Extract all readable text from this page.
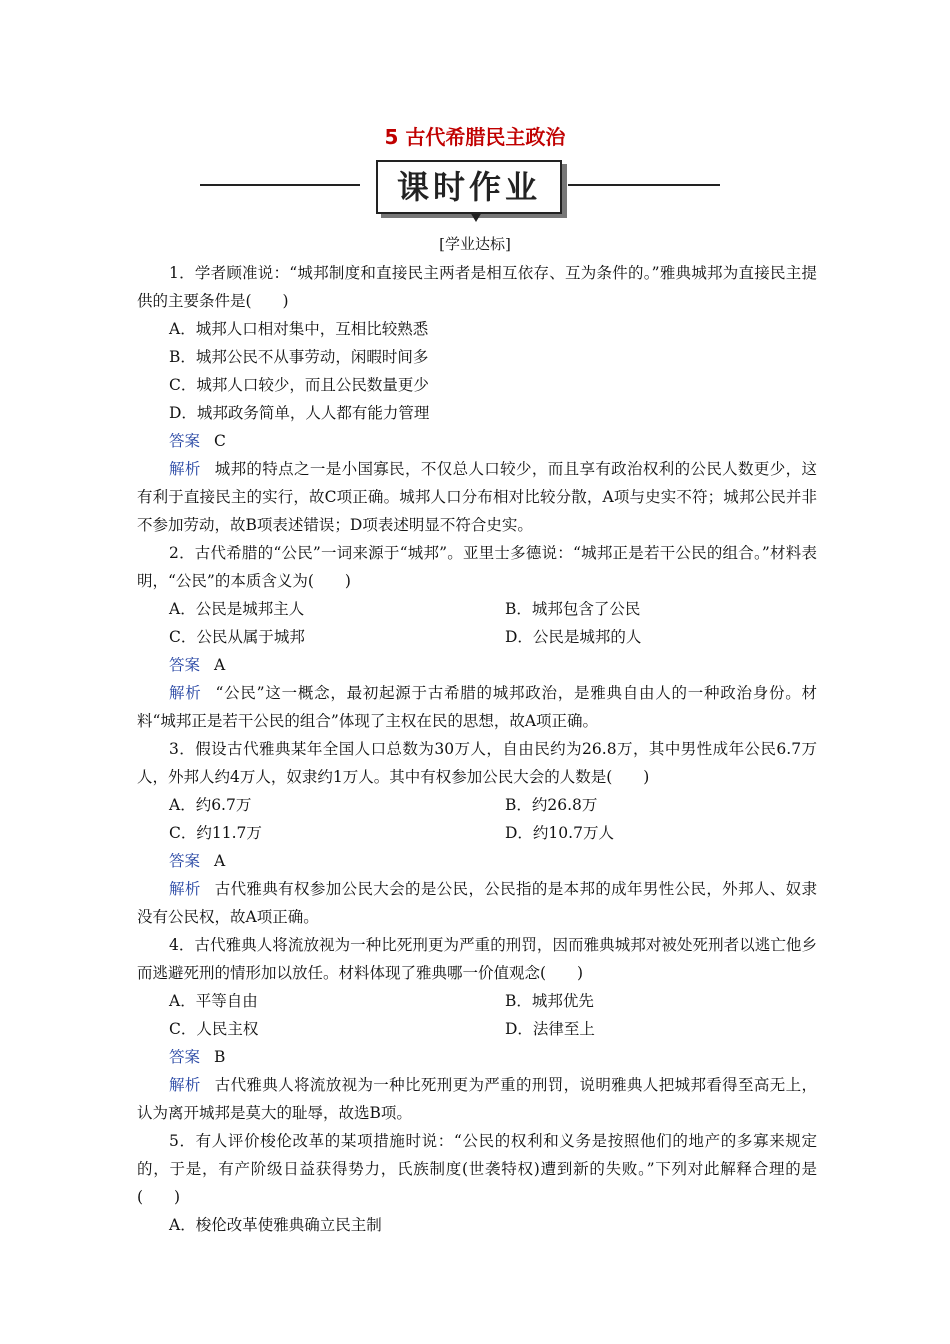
5 古代希腊民主政治
课时作业
[学业达标]

1．学者顾准说：“城邦制度和直接民主两者是相互依存、互为条件的。”雅典城邦为直接民主提供的主要条件是(　　)

A．城邦人口相对集中，互相比较熟悉
B．城邦公民不从事劳动，闲暇时间多
C．城邦人口较少，而且公民数量更少
D．城邦政务简单，人人都有能力管理
答案 C

解析 城邦的特点之一是小国寡民，不仅总人口较少，而且享有政治权利的公民人数更少，这有利于直接民主的实行，故C项正确。城邦人口分布相对比较分散，A项与史实不符；城邦公民并非不参加劳动，故B项表述错误；D项表述明显不符合史实。

2．古代希腊的“公民”一词来源于“城邦”。亚里士多德说：“城邦正是若干公民的组合。”材料表明，“公民”的本质含义为(　　)

A．公民是城邦主人	B．城邦包含了公民
C．公民从属于城邦	D．公民是城邦的人
答案 A

解析 “公民”这一概念，最初起源于古希腊的城邦政治，是雅典自由人的一种政治身份。材料“城邦正是若干公民的组合”体现了主权在民的思想，故A项正确。

3．假设古代雅典某年全国人口总数为30万人，自由民约为26.8万，其中男性成年公民6.7万人，外邦人约4万人，奴隶约1万人。其中有权参加公民大会的人数是(　　)

A．约6.7万	B．约26.8万
C．约11.7万	D．约10.7万人
答案 A

解析 古代雅典有权参加公民大会的是公民，公民指的是本邦的成年男性公民，外邦人、奴隶没有公民权，故A项正确。

4．古代雅典人将流放视为一种比死刑更为严重的刑罚，因而雅典城邦对被处死刑者以逃亡他乡而逃避死刑的情形加以放任。材料体现了雅典哪一价值观念(　　)

A．平等自由	B．城邦优先
C．人民主权	D．法律至上
答案 B

解析 古代雅典人将流放视为一种比死刑更为严重的刑罚，说明雅典人把城邦看得至高无上，认为离开城邦是莫大的耻辱，故选B项。

5．有人评价梭伦改革的某项措施时说：“公民的权利和义务是按照他们的地产的多寡来规定的，于是，有产阶级日益获得势力，氏族制度(世袭特权)遭到新的失败。”下列对此解释合理的是(　　)

A．梭伦改革使雅典确立民主制
